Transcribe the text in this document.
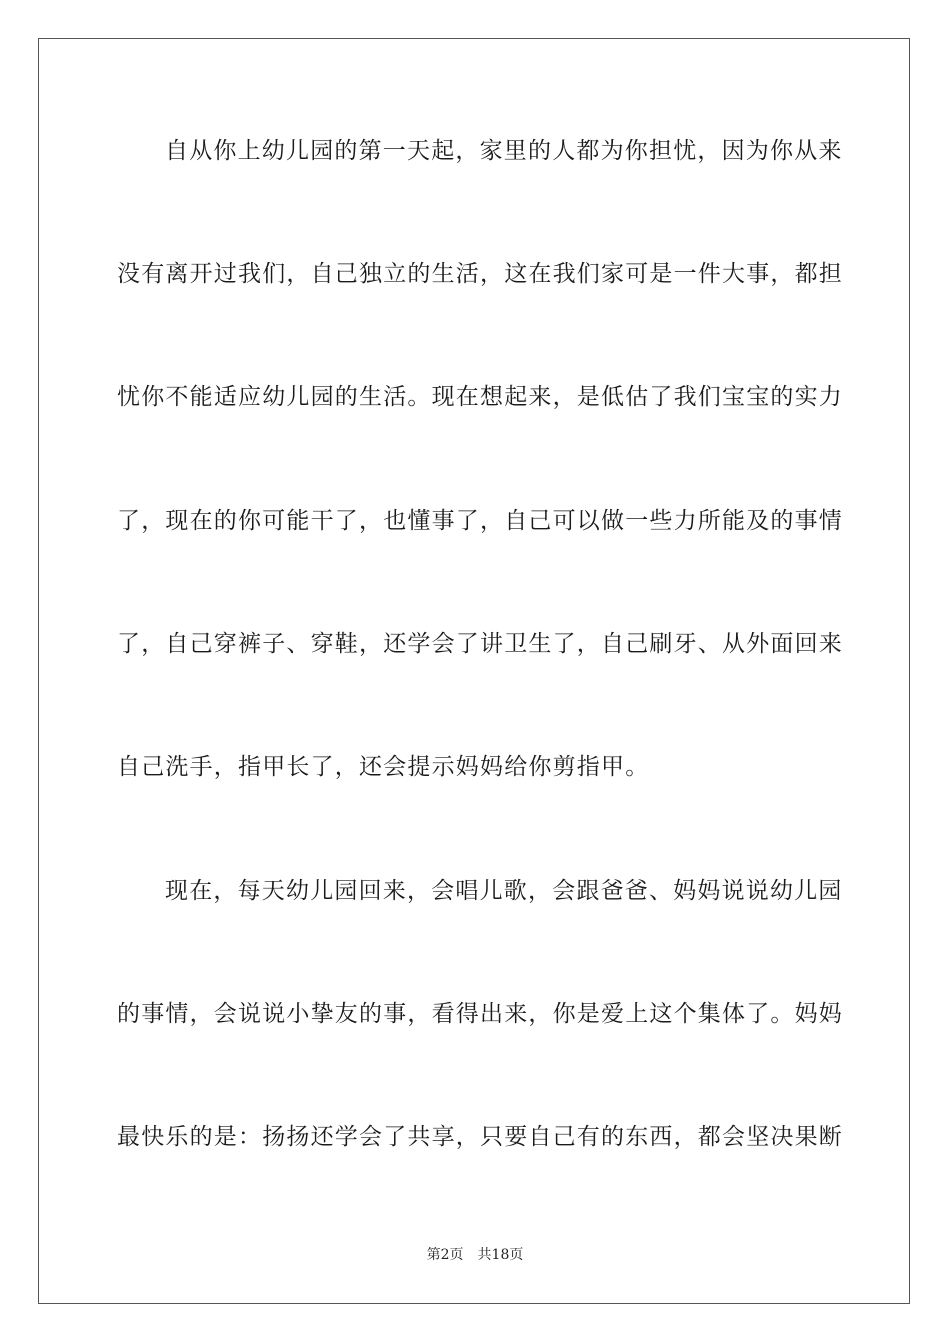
自从你上幼儿园的第一天起，家里的人都为你担忧，因为你从来
没有离开过我们，自己独立的生活，这在我们家可是一件大事，都担
忧你不能适应幼儿园的生活。现在想起来，是低估了我们宝宝的实力
了，现在的你可能干了，也懂事了，自己可以做一些力所能及的事情
了，自己穿裤子、穿鞋，还学会了讲卫生了，自己刷牙、从外面回来
自己洗手，指甲长了，还会提示妈妈给你剪指甲。
现在，每天幼儿园回来，会唱儿歌，会跟爸爸、妈妈说说幼儿园
的事情，会说说小挚友的事，看得出来，你是爱上这个集体了。妈妈
最快乐的是：扬扬还学会了共享，只要自己有的东西，都会坚决果断
第2页 共18页
